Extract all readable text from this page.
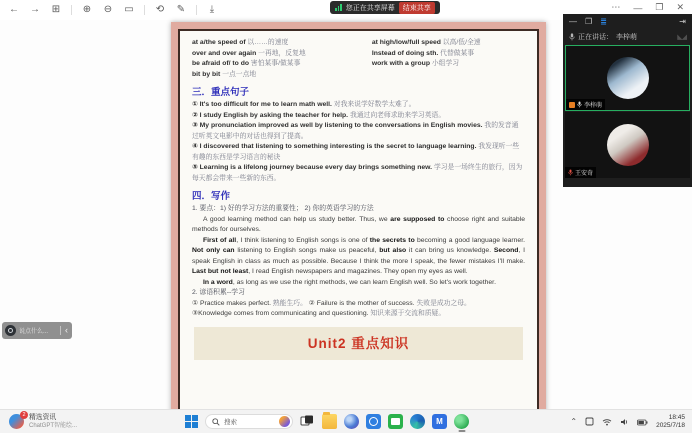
← → ⊞ ⊕ ⊖ ▭ ⟲ ✎	⤓	⋯ — ❐ ✕
您正在共享屏幕	结束共享
at a/the speed of 以……的速度
over and over again 一再地，反复地
be afraid of/ to do 害怕某事/做某事
bit by bit 一点一点地
at high/low/full speed 以高/低/全速
Instead of doing sth. 代替做某事
work with a group 小组学习
三．重点句子
① It's too difficult for me to learn math well. 对我来说学好数学太难了。
② I study English by asking the teacher for help. 我通过向老师求助来学习英语。
③ My pronunciation improved as well by listening to the conversations in English movies. 我的发音通过听英文电影中的对话也得到了提高。
④ I discovered that listening to something interesting is the secret to language learning. 我发现听一些有趣的东西是学习语言的秘诀
⑤ Learning is a lifelong journey because every day brings something new. 学习是一场终生的旅行，因为每天都会带来一些新的东西。
四．写作
1. 要点：1) 好的学习方法的重要性； 2) 你的英语学习的方法
A good learning method can help us study better. Thus, we are supposed to choose right and suitable methods for ourselves.
First of all, I think listening to English songs is one of the secrets to becoming a good language learner. Not only can listening to English songs make us peaceful, but also it can bring us knowledge. Second, I speak English in class as much as possible. Because I think the more I speak, the fewer mistakes I'll make. Last but not least, I read English newspapers and magazines. They open my eyes as well.
In a word, as long as we use the right methods, we can learn English well. So let's work together.
2. 谚语积累--学习
① Practice makes perfect. 熟能生巧。 ② Failure is the mother of success. 失败是成功之母。
③Knowledge comes from communicating and questioning. 知识来源于交流和质疑。
Unit2 重点知识
— ❐ ≣	⇥
正在讲话： 李梓萌	◣◢
李梓萌
王安奇
说点什么...	‹
2 精选资讯
ChatGPT智能绘...	搜索	M	⌃	18:45
2025/7/18
